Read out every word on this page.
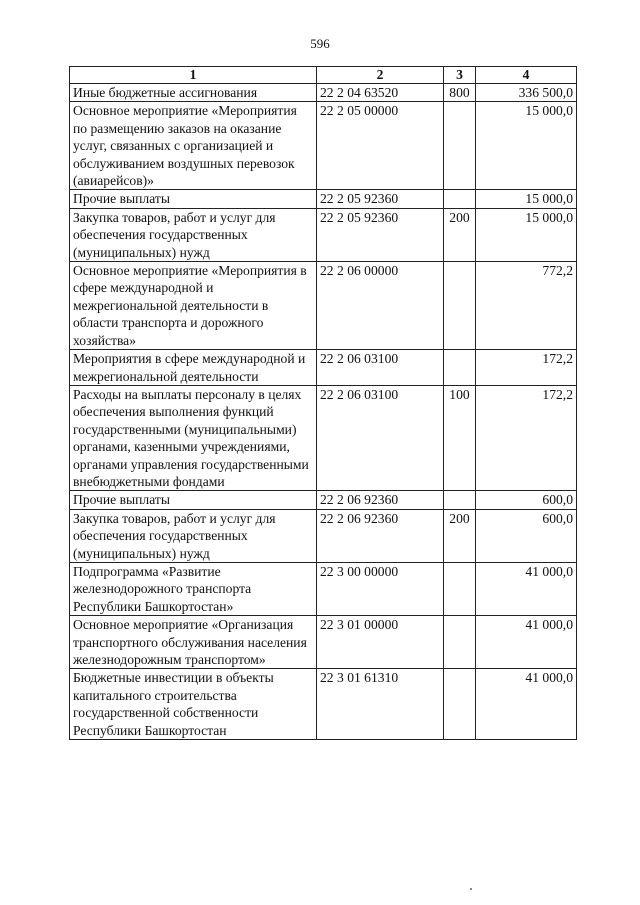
596
1	2	3	4
Иные бюджетные ассигнования	22 2 04 63520	800	336 500,0
Основное мероприятие «Мероприятия по размещению заказов на оказание услуг, связанных с организацией и обслуживанием воздушных перевозок (авиарейсов)»	22 2 05 00000		15 000,0
Прочие выплаты	22 2 05 92360		15 000,0
Закупка товаров, работ и услуг для обеспечения государственных (муниципальных) нужд	22 2 05 92360	200	15 000,0
Основное мероприятие «Мероприятия в сфере международной и межрегиональной деятельности в области транспорта и дорожного хозяйства»	22 2 06 00000		772,2
Мероприятия в сфере международной и межрегиональной деятельности	22 2 06 03100		172,2
Расходы на выплаты персоналу в целях обеспечения выполнения функций государственными (муниципальными) органами, казенными учреждениями, органами управления государственными внебюджетными фондами	22 2 06 03100	100	172,2
Прочие выплаты	22 2 06 92360		600,0
Закупка товаров, работ и услуг для обеспечения государственных (муниципальных) нужд	22 2 06 92360	200	600,0
Подпрограмма «Развитие железнодорожного транспорта Республики Башкортостан»	22 3 00 00000		41 000,0
Основное мероприятие «Организация транспортного обслуживания населения железнодорожным транспортом»	22 3 01 00000		41 000,0
Бюджетные инвестиции в объекты капитального строительства государственной собственности Республики Башкортостан	22 3 01 61310		41 000,0
